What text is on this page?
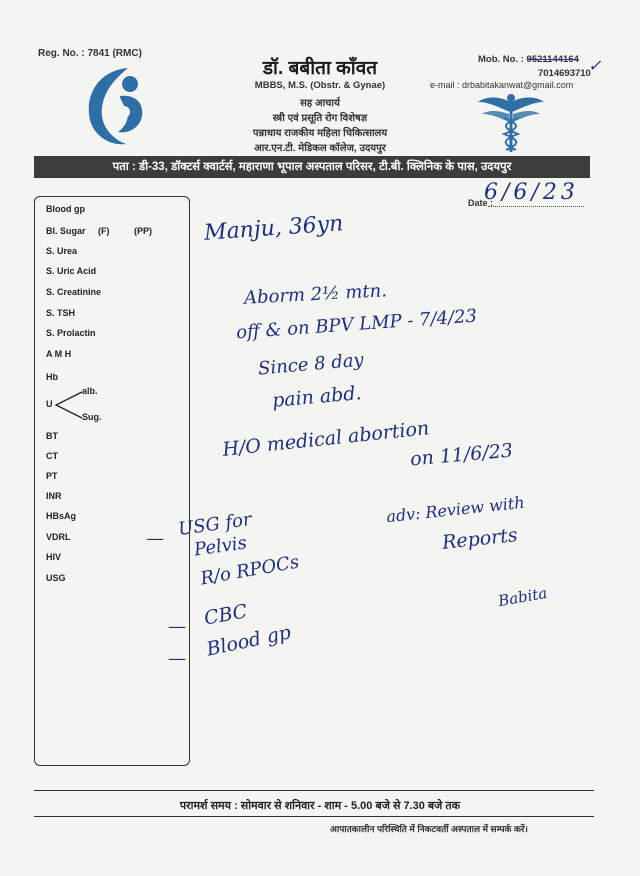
Reg. No. : 7841 (RMC)
डॉ. बबीता कॉंवत
MBBS, M.S. (Obstr. & Gynae)
सह आचार्य
स्त्री एवं प्रसूति रोग विशेषज्ञ
पन्नाधाय राजकीय महिला चिकित्सालय
आर.एन.टी. मेडिकल कॉलेज, उदयपुर
Mob. No. : 9521144164
7014693710
✓
e-mail : drbabitakanwat@gmail.com
पता : डी-33, डॉक्टर्स क्वार्टर्स, महाराणा भूपाल अस्पताल परिसर, टी.बी. क्लिनिक के पास, उदयपुर
Date :
6/6/23
Blood gp
Bl. Sugar (F)	(PP)
S. Urea
S. Uric Acid
S. Creatinine
S. TSH
S. Prolactin
A M H
Hb
U
alb.
Sug.
BT
CT
PT
INR
HBsAg
VDRL
HIV
USG
Manju, 36yn
Aborm 2½ mtn.
off & on BPV LMP - 7/4/23
Since 8 day
pain abd.
H/O medical abortion
on 11/6/23
— USG for
Pelvis
R/o RPOCs
— CBC
— Blood gp
adv: Review with
Reports
Babita
परामर्श समय : सोमवार से शनिवार - शाम - 5.00 बजे से 7.30 बजे तक
आपातकालीन परिस्थिति में निकटवर्ती अस्पताल में सम्पर्क करें।
